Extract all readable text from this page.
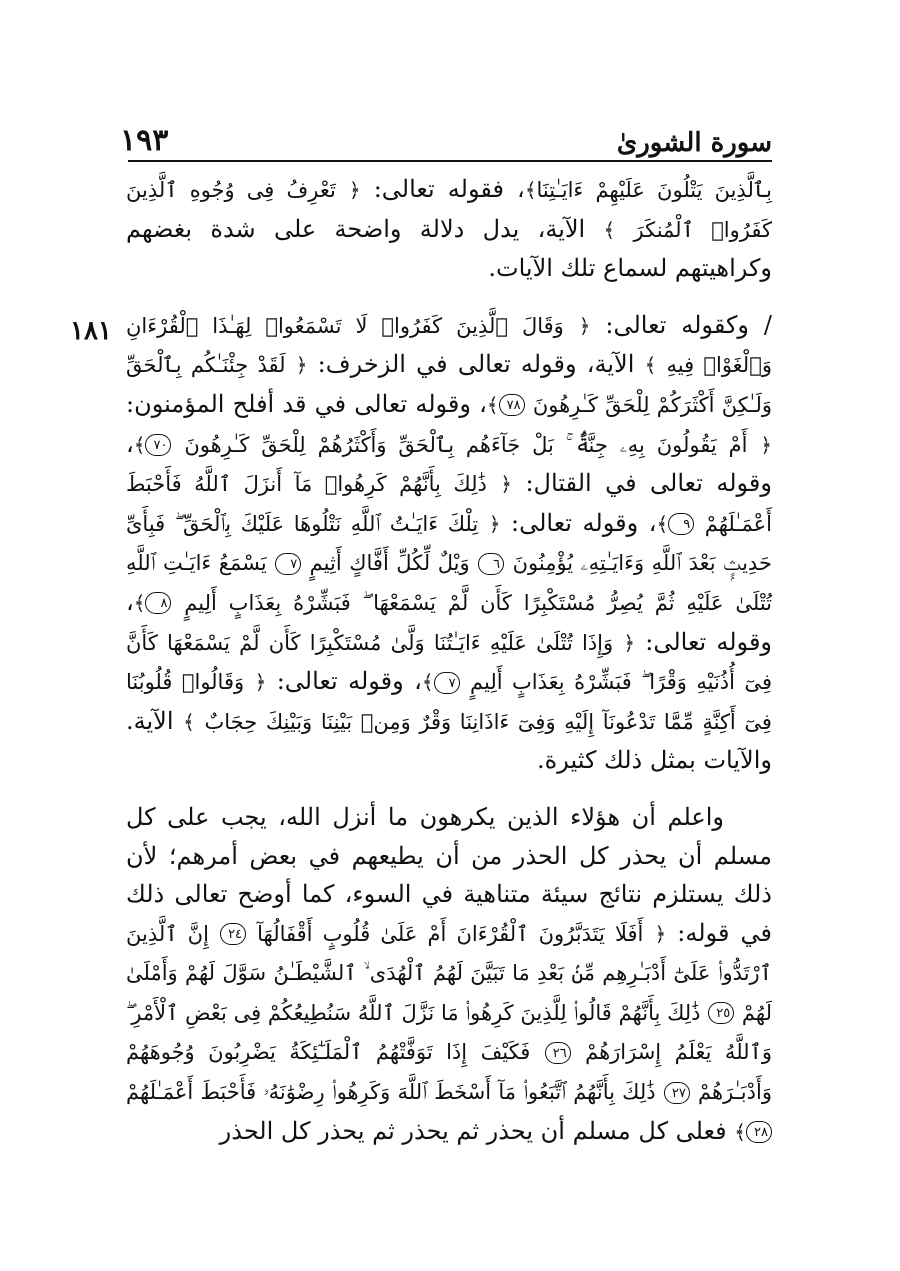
سورة الشورىٰ
١٩٣
١٨١

بِٱلَّذِينَ يَتْلُونَ عَلَيْهِمْ ءَايَـٰتِنَا﴾، فقوله تعالى: ﴿ تَعْرِفُ فِى وُجُوهِ ٱلَّذِينَ كَفَرُوا۟ ٱلْمُنكَرَ ﴾ الآية، يدل دلالة واضحة على شدة بغضهم وكراهيتهم لسماع تلك الآيات.

/ وكقوله تعالى: ﴿ وَقَالَ ٱلَّذِينَ كَفَرُوا۟ لَا تَسْمَعُوا۟ لِهَـٰذَا ٱلْقُرْءَانِ وَٱلْغَوْا۟ فِيهِ ﴾ الآية، وقوله تعالى في الزخرف: ﴿ لَقَدْ جِئْنَـٰكُم بِٱلْحَقِّ وَلَـٰكِنَّ أَكْثَرَكُمْ لِلْحَقِّ كَـٰرِهُونَ ٧٨﴾، وقوله تعالى في قد أفلح المؤمنون: ﴿ أَمْ يَقُولُونَ بِهِۦ جِنَّةٌۢ ۚ بَلْ جَآءَهُم بِٱلْحَقِّ وَأَكْثَرُهُمْ لِلْحَقِّ كَـٰرِهُونَ ٧٠﴾، وقوله تعالى في القتال: ﴿ ذَٰلِكَ بِأَنَّهُمْ كَرِهُوا۟ مَآ أَنزَلَ ٱللَّهُ فَأَحْبَطَ أَعْمَـٰلَهُمْ ٩﴾، وقوله تعالى: ﴿ تِلْكَ ءَايَـٰتُ ٱللَّهِ نَتْلُوهَا عَلَيْكَ بِٱلْحَقِّ ۖ فَبِأَىِّ حَدِيثٍۭ بَعْدَ ٱللَّهِ وَءَايَـٰتِهِۦ يُؤْمِنُونَ ٦ وَيْلٌ لِّكُلِّ أَفَّاكٍ أَثِيمٍ ٧ يَسْمَعُ ءَايَـٰتِ ٱللَّهِ تُتْلَىٰ عَلَيْهِ ثُمَّ يُصِرُّ مُسْتَكْبِرًا كَأَن لَّمْ يَسْمَعْهَا ۖ فَبَشِّرْهُ بِعَذَابٍ أَلِيمٍ ٨﴾، وقوله تعالى: ﴿ وَإِذَا تُتْلَىٰ عَلَيْهِ ءَايَـٰتُنَا وَلَّىٰ مُسْتَكْبِرًا كَأَن لَّمْ يَسْمَعْهَا كَأَنَّ فِىٓ أُذُنَيْهِ وَقْرًا ۖ فَبَشِّرْهُ بِعَذَابٍ أَلِيمٍ ٧﴾، وقوله تعالى: ﴿ وَقَالُوا۟ قُلُوبُنَا فِىٓ أَكِنَّةٍ مِّمَّا تَدْعُونَآ إِلَيْهِ وَفِىٓ ءَاذَانِنَا وَقْرٌ وَمِنۢ بَيْنِنَا وَبَيْنِكَ حِجَابٌ ﴾ الآية. والآيات بمثل ذلك كثيرة.

واعلم أن هؤلاء الذين يكرهون ما أنزل الله، يجب على كل مسلم أن يحذر كل الحذر من أن يطيعهم في بعض أمرهم؛ لأن ذلك يستلزم نتائج سيئة متناهية في السوء، كما أوضح تعالى ذلك في قوله: ﴿ أَفَلَا يَتَدَبَّرُونَ ٱلْقُرْءَانَ أَمْ عَلَىٰ قُلُوبٍ أَقْفَالُهَآ ٢٤ إِنَّ ٱلَّذِينَ ٱرْتَدُّوا۟ عَلَىٰٓ أَدْبَـٰرِهِم مِّنۢ بَعْدِ مَا تَبَيَّنَ لَهُمُ ٱلْهُدَى ۙ ٱلشَّيْطَـٰنُ سَوَّلَ لَهُمْ وَأَمْلَىٰ لَهُمْ ٢٥ ذَٰلِكَ بِأَنَّهُمْ قَالُوا۟ لِلَّذِينَ كَرِهُوا۟ مَا نَزَّلَ ٱللَّهُ سَنُطِيعُكُمْ فِى بَعْضِ ٱلْأَمْرِ ۖ وَٱللَّهُ يَعْلَمُ إِسْرَارَهُمْ ٢٦ فَكَيْفَ إِذَا تَوَفَّتْهُمُ ٱلْمَلَـٰٓئِكَةُ يَضْرِبُونَ وُجُوهَهُمْ وَأَدْبَـٰرَهُمْ ٢٧ ذَٰلِكَ بِأَنَّهُمُ ٱتَّبَعُوا۟ مَآ أَسْخَطَ ٱللَّهَ وَكَرِهُوا۟ رِضْوَٰنَهُۥ فَأَحْبَطَ أَعْمَـٰلَهُمْ ٢٨﴾ فعلى كل مسلم أن يحذر ثم يحذر ثم يحذر كل الحذر
